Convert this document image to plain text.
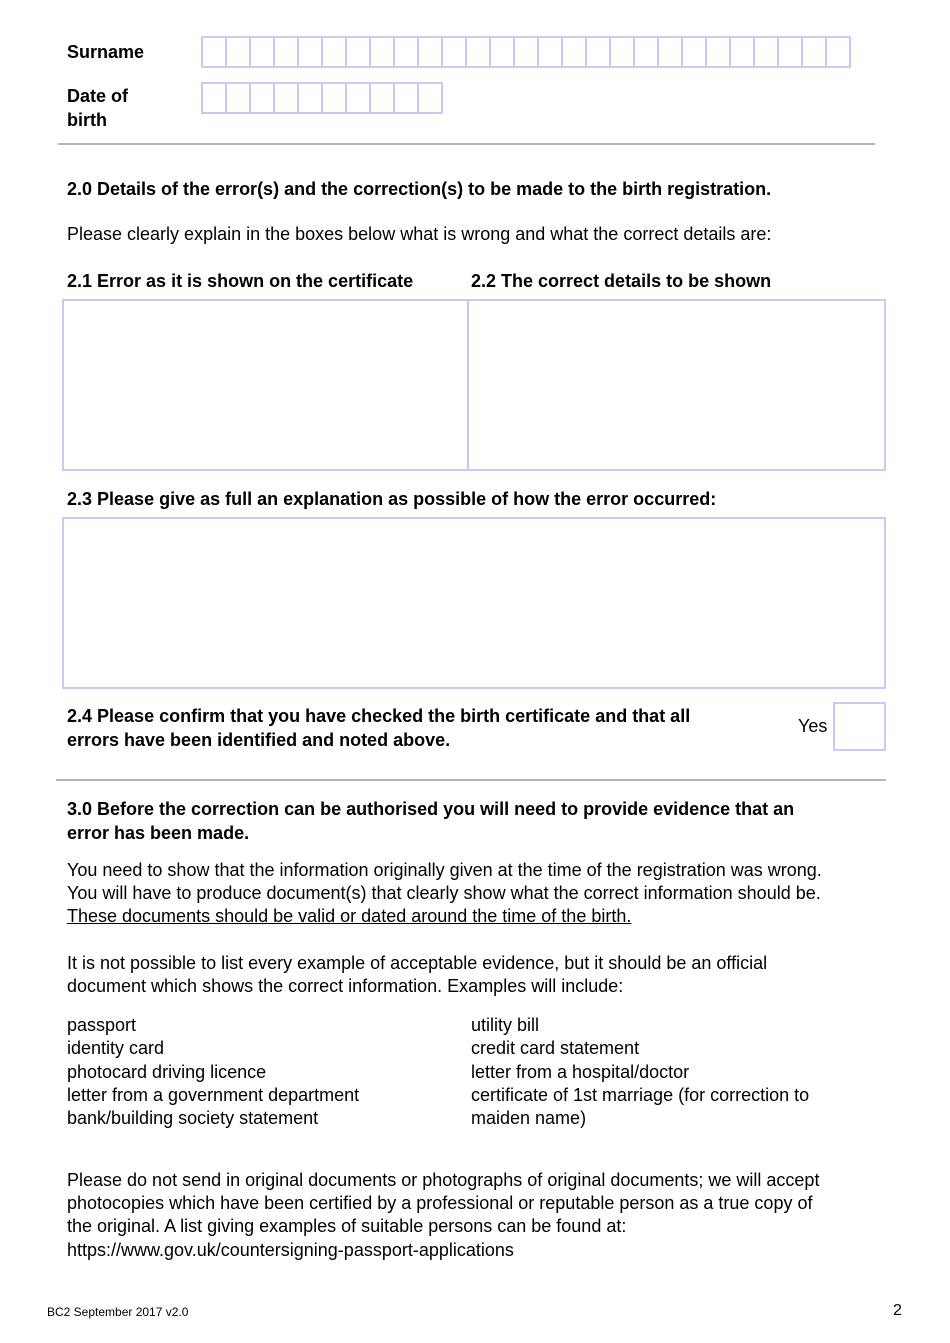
Surname
Date of
birth
2.0 Details of the error(s) and the correction(s) to be made to the birth registration.
Please clearly explain in the boxes below what is wrong and what the correct details are:
2.1 Error as it is shown on the certificate	2.2 The correct details to be shown
2.3 Please give as full an explanation as possible of how the error occurred:
2.4 Please confirm that you have checked the birth certificate and that all
errors have been identified and noted above.
Yes
3.0 Before the correction can be authorised you will need to provide evidence that an
error has been made.
You need to show that the information originally given at the time of the registration was wrong.
You will have to produce document(s) that clearly show what the correct information should be.
These documents should be valid or dated around the time of the birth.
It is not possible to list every example of acceptable evidence, but it should be an official
document which shows the correct information. Examples will include:
passport
identity card
photocard driving licence
letter from a government department
bank/building society statement
utility bill
credit card statement
letter from a hospital/doctor
certificate of 1st marriage (for correction to
maiden name)
Please do not send in original documents or photographs of original documents; we will accept
photocopies which have been certified by a professional or reputable person as a true copy of
the original. A list giving examples of suitable persons can be found at:
https://www.gov.uk/countersigning-passport-applications
BC2 September 2017 v2.0	2
